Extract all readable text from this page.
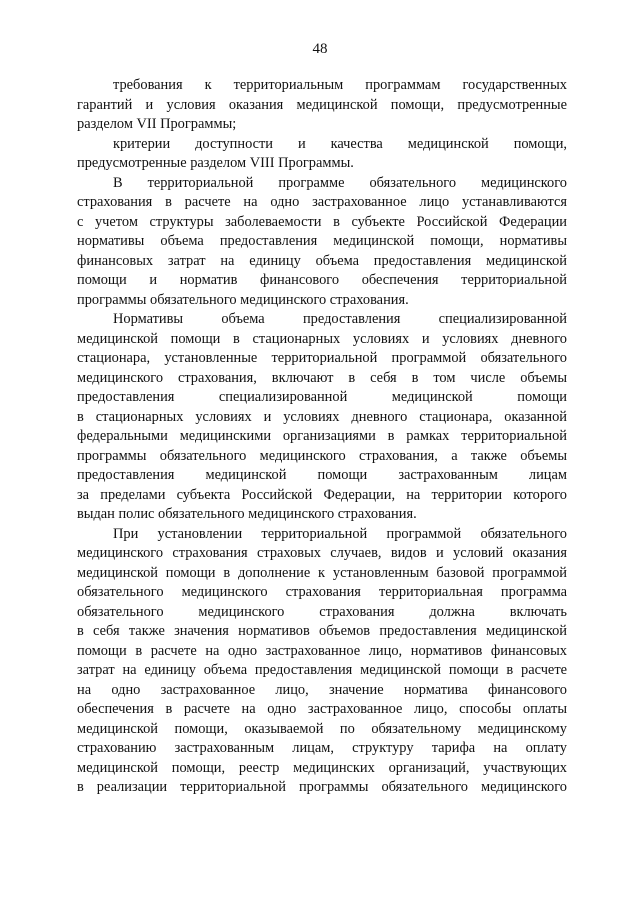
48
требования к территориальным программам государственных
гарантий и условия оказания медицинской помощи, предусмотренные
разделом VII Программы;
критерии доступности и качества медицинской помощи,
предусмотренные разделом VIII Программы.
В территориальной программе обязательного медицинского
страхования в расчете на одно застрахованное лицо устанавливаются
с учетом структуры заболеваемости в субъекте Российской Федерации
нормативы объема предоставления медицинской помощи, нормативы
финансовых затрат на единицу объема предоставления медицинской
помощи и норматив финансового обеспечения территориальной
программы обязательного медицинского страхования.
Нормативы объема предоставления специализированной
медицинской помощи в стационарных условиях и условиях дневного
стационара, установленные территориальной программой обязательного
медицинского страхования, включают в себя в том числе объемы
предоставления специализированной медицинской помощи
в стационарных условиях и условиях дневного стационара, оказанной
федеральными медицинскими организациями в рамках территориальной
программы обязательного медицинского страхования, а также объемы
предоставления медицинской помощи застрахованным лицам
за пределами субъекта Российской Федерации, на территории которого
выдан полис обязательного медицинского страхования.
При установлении территориальной программой обязательного
медицинского страхования страховых случаев, видов и условий оказания
медицинской помощи в дополнение к установленным базовой программой
обязательного медицинского страхования территориальная программа
обязательного медицинского страхования должна включать
в себя также значения нормативов объемов предоставления медицинской
помощи в расчете на одно застрахованное лицо, нормативов финансовых
затрат на единицу объема предоставления медицинской помощи в расчете
на одно застрахованное лицо, значение норматива финансового
обеспечения в расчете на одно застрахованное лицо, способы оплаты
медицинской помощи, оказываемой по обязательному медицинскому
страхованию застрахованным лицам, структуру тарифа на оплату
медицинской помощи, реестр медицинских организаций, участвующих
в реализации территориальной программы обязательного медицинского
